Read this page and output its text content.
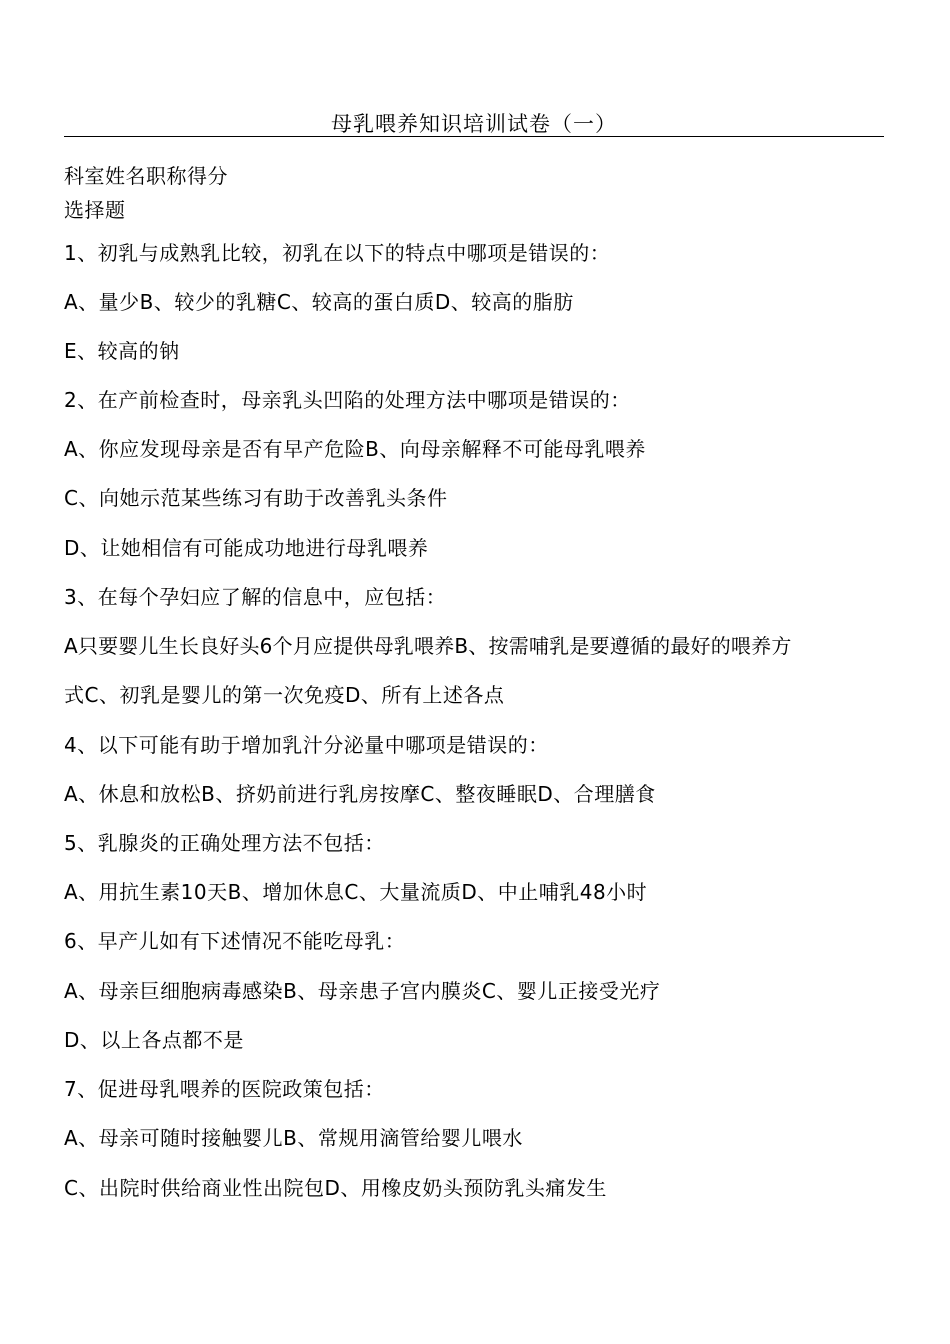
母乳喂养知识培训试卷（一）
科室姓名职称得分
选择题
1、初乳与成熟乳比较，初乳在以下的特点中哪项是错误的：
A、量少B、较少的乳糖C、较高的蛋白质D、较高的脂肪
E、较高的钠
2、在产前检查时，母亲乳头凹陷的处理方法中哪项是错误的：
A、你应发现母亲是否有早产危险B、向母亲解释不可能母乳喂养
C、向她示范某些练习有助于改善乳头条件
D、让她相信有可能成功地进行母乳喂养
3、在每个孕妇应了解的信息中，应包括：
A只要婴儿生长良好头6个月应提供母乳喂养B、按需哺乳是要遵循的最好的喂养方
式C、初乳是婴儿的第一次免疫D、所有上述各点
4、以下可能有助于增加乳汁分泌量中哪项是错误的：
A、休息和放松B、挤奶前进行乳房按摩C、整夜睡眠D、合理膳食
5、乳腺炎的正确处理方法不包括：
A、用抗生素10天B、增加休息C、大量流质D、中止哺乳48小时
6、早产儿如有下述情况不能吃母乳：
A、母亲巨细胞病毒感染B、母亲患子宫内膜炎C、婴儿正接受光疗
D、以上各点都不是
7、促进母乳喂养的医院政策包括：
A、母亲可随时接触婴儿B、常规用滴管给婴儿喂水
C、出院时供给商业性出院包D、用橡皮奶头预防乳头痛发生
